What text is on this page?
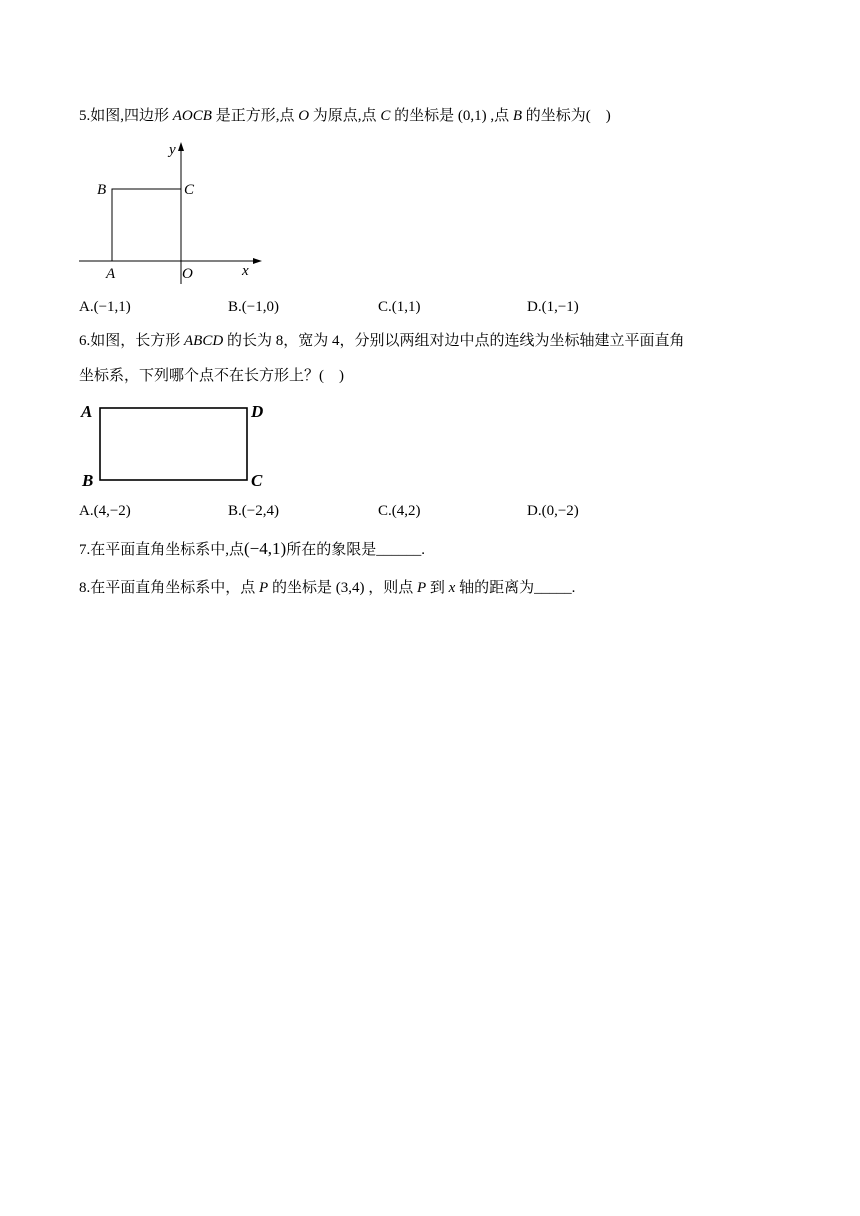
5.如图,四边形 AOCB 是正方形,点 O 为原点,点 C 的坐标是 (0,1) ,点 B 的坐标为(　)
y
B	C
A	O	x
A.(−1,1)	B.(−1,0)	C.(1,1)	D.(1,−1)
6.如图，长方形 ABCD 的长为 8，宽为 4，分别以两组对边中点的连线为坐标轴建立平面直角
坐标系，下列哪个点不在长方形上？(　)
A	D
B	C
A.(4,−2)	B.(−2,4)	C.(4,2)	D.(0,−2)
7.在平面直角坐标系中,点(−4,1)所在的象限是______.
8.在平面直角坐标系中，点 P 的坐标是 (3,4) ，则点 P 到 x 轴的距离为_____.
